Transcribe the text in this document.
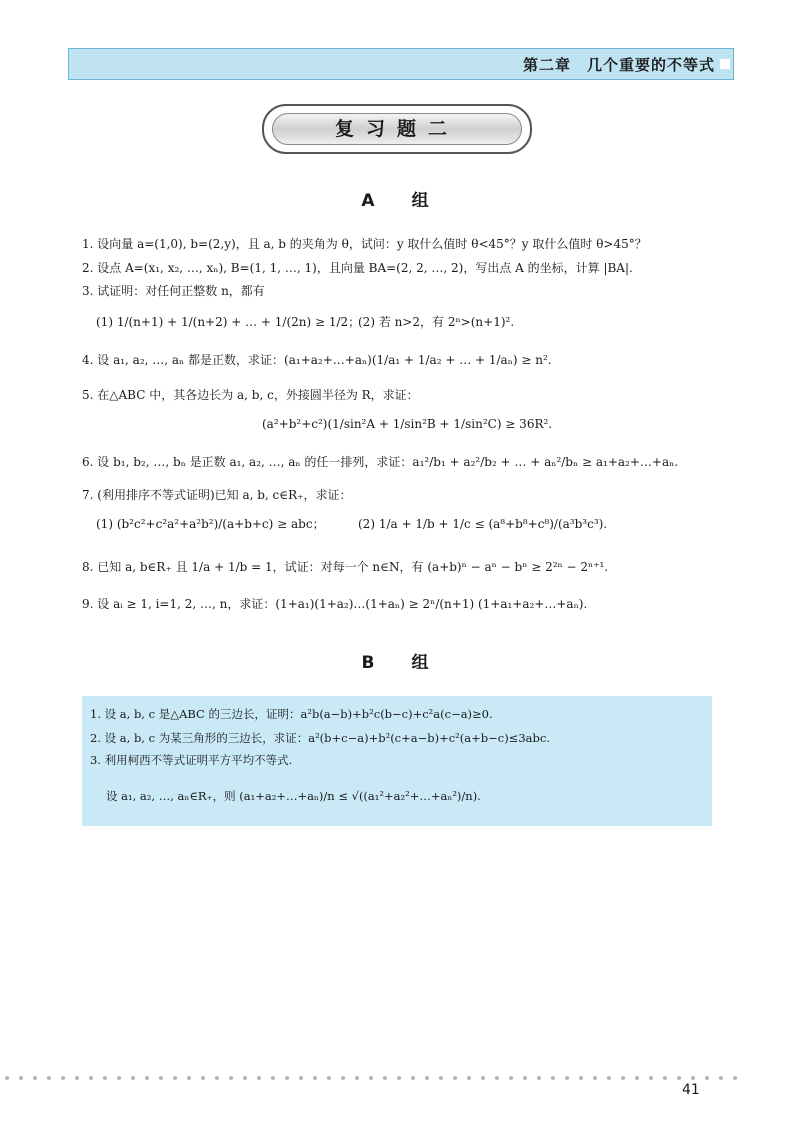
第二章　几个重要的不等式
复习题二
A　组
1. 设向量 a=(1,0), b=(2,y)，且 a, b 的夹角为 θ，试问：y 取什么值时 θ<45°？y 取什么值时 θ>45°？
2. 设点 A=(x₁, x₂, …, xₙ), B=(1, 1, …, 1)，且向量 BA=(2, 2, …, 2)，写出点 A 的坐标，计算 |BA|.
3. 试证明：对任何正整数 n，都有
(1) 1/(n+1) + 1/(n+2) + … + 1/(2n) ≥ 1/2；
(2) 若 n>2，有 2ⁿ>(n+1)².
4. 设 a₁, a₂, …, aₙ 都是正数，求证：(a₁+a₂+…+aₙ)(1/a₁ + 1/a₂ + … + 1/aₙ) ≥ n².
5. 在△ABC 中，其各边长为 a, b, c，外接圆半径为 R，求证：
(a²+b²+c²)(1/sin²A + 1/sin²B + 1/sin²C) ≥ 36R².
6. 设 b₁, b₂, …, bₙ 是正数 a₁, a₂, …, aₙ 的任一排列，求证：a₁²/b₁ + a₂²/b₂ + … + aₙ²/bₙ ≥ a₁+a₂+…+aₙ.
7. (利用排序不等式证明)已知 a, b, c∈R₊，求证：
(1) (b²c²+c²a²+a²b²)/(a+b+c) ≥ abc；	(2) 1/a + 1/b + 1/c ≤ (a⁸+b⁸+c⁸)/(a³b³c³).
8. 已知 a, b∈R₊ 且 1/a + 1/b = 1，试证：对每一个 n∈N，有 (a+b)ⁿ − aⁿ − bⁿ ≥ 2²ⁿ − 2ⁿ⁺¹.
9. 设 aᵢ ≥ 1, i=1, 2, …, n，求证：(1+a₁)(1+a₂)…(1+aₙ) ≥ 2ⁿ/(n+1) (1+a₁+a₂+…+aₙ).
B　组
1. 设 a, b, c 是△ABC 的三边长，证明：a²b(a−b)+b²c(b−c)+c²a(c−a)≥0.
2. 设 a, b, c 为某三角形的三边长，求证：a²(b+c−a)+b²(c+a−b)+c²(a+b−c)≤3abc.
3. 利用柯西不等式证明平方平均不等式.
设 a₁, a₂, …, aₙ∈R₊，则 (a₁+a₂+…+aₙ)/n ≤ √((a₁²+a₂²+…+aₙ²)/n).
41
